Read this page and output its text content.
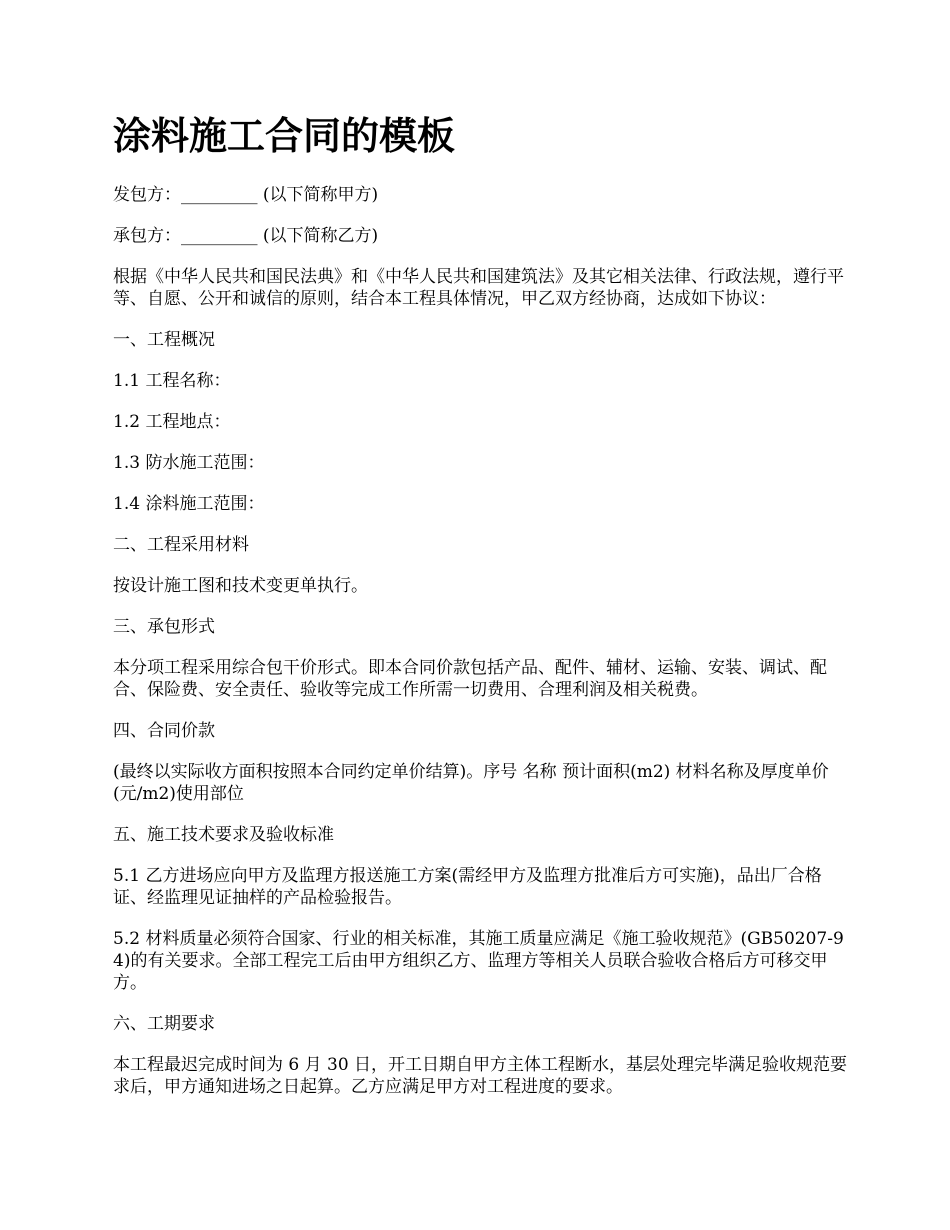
涂料施工合同的模板

发包方：_________ (以下简称甲方)

承包方：_________ (以下简称乙方)

根据《中华人民共和国民法典》和《中华人民共和国建筑法》及其它相关法律、行政法规，遵行平等、自愿、公开和诚信的原则，结合本工程具体情况，甲乙双方经协商，达成如下协议：

一、工程概况

1.1 工程名称：

1.2 工程地点：

1.3 防水施工范围：

1.4 涂料施工范围：

二、工程采用材料

按设计施工图和技术变更单执行。

三、承包形式

本分项工程采用综合包干价形式。即本合同价款包括产品、配件、辅材、运输、安装、调试、配合、保险费、安全责任、验收等完成工作所需一切费用、合理利润及相关税费。

四、合同价款

(最终以实际收方面积按照本合同约定单价结算)。序号 名称 预计面积(m2) 材料名称及厚度单价(元/m2)使用部位

五、施工技术要求及验收标准

5.1 乙方进场应向甲方及监理方报送施工方案(需经甲方及监理方批准后方可实施)，品出厂合格证、经监理见证抽样的产品检验报告。

5.2 材料质量必须符合国家、行业的相关标准，其施工质量应满足《施工验收规范》(GB50207-94)的有关要求。全部工程完工后由甲方组织乙方、监理方等相关人员联合验收合格后方可移交甲方。

六、工期要求

本工程最迟完成时间为 6 月 30 日，开工日期自甲方主体工程断水，基层处理完毕满足验收规范要求后，甲方通知进场之日起算。乙方应满足甲方对工程进度的要求。
